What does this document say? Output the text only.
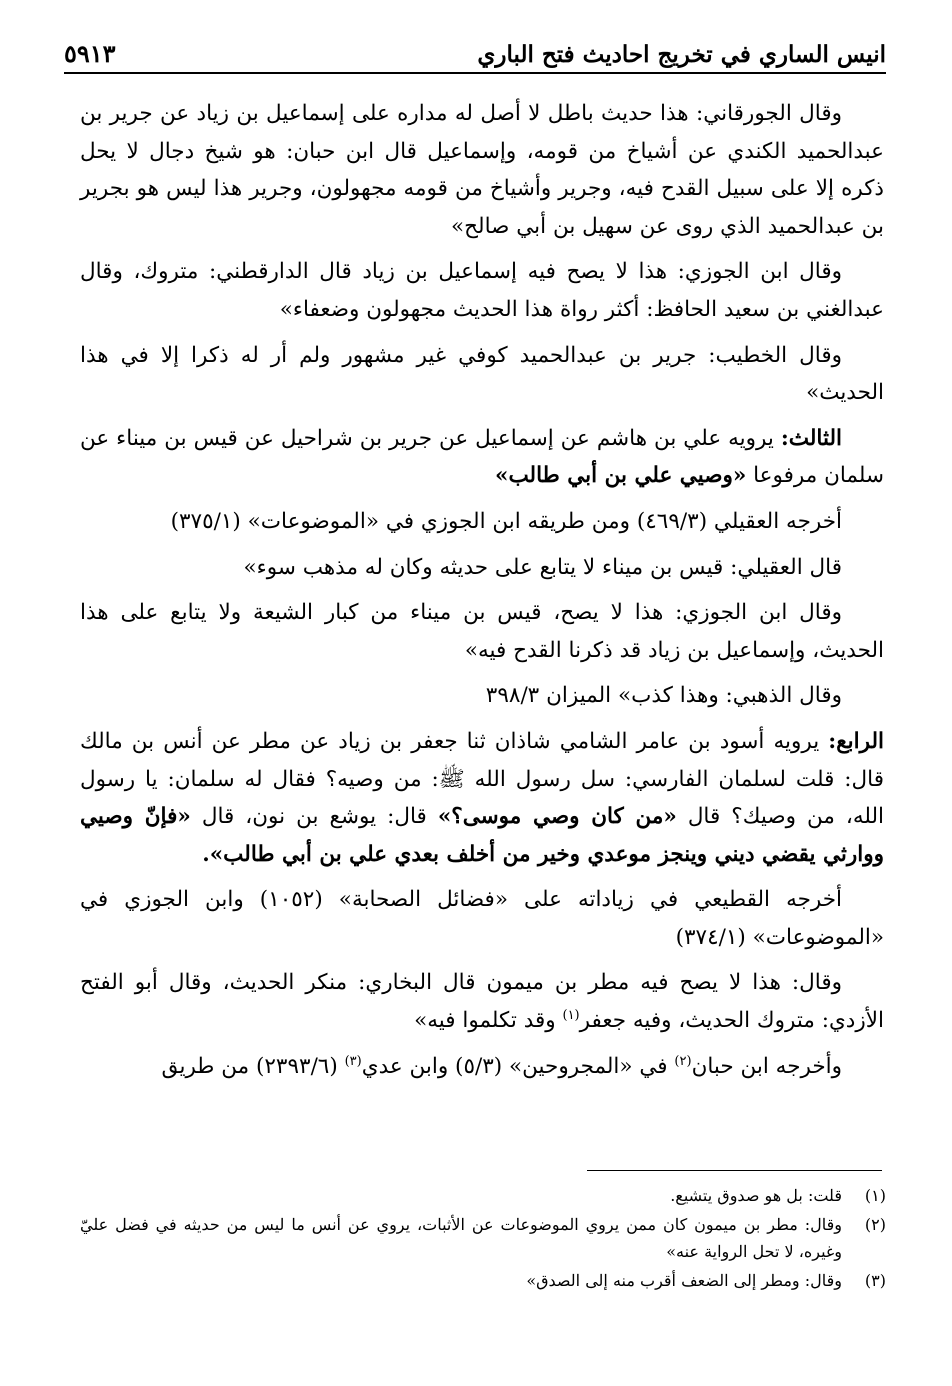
انيس الساري في تخريج احاديث فتح الباري
٥٩١٣

وقال الجورقاني: هذا حديث باطل لا أصل له مداره على إسماعيل بن زياد عن جرير بن عبدالحميد الكندي عن أشياخ من قومه، وإسماعيل قال ابن حبان: هو شيخ دجال لا يحل ذكره إلا على سبيل القدح فيه، وجرير وأشياخ من قومه مجهولون، وجرير هذا ليس هو بجرير بن عبدالحميد الذي روى عن سهيل بن أبي صالح»

وقال ابن الجوزي: هذا لا يصح فيه إسماعيل بن زياد قال الدارقطني: متروك، وقال عبدالغني بن سعيد الحافظ: أكثر رواة هذا الحديث مجهولون وضعفاء»

وقال الخطيب: جرير بن عبدالحميد كوفي غير مشهور ولم أر له ذكرا إلا في هذا الحديث»

الثالث: يرويه علي بن هاشم عن إسماعيل عن جرير بن شراحيل عن قيس بن ميناء عن سلمان مرفوعا «وصيي علي بن أبي طالب»

أخرجه العقيلي (٤٦٩/٣) ومن طريقه ابن الجوزي في «الموضوعات» (٣٧٥/١)

قال العقيلي: قيس بن ميناء لا يتابع على حديثه وكان له مذهب سوء»

وقال ابن الجوزي: هذا لا يصح، قيس بن ميناء من كبار الشيعة ولا يتابع على هذا الحديث، وإسماعيل بن زياد قد ذكرنا القدح فيه»

وقال الذهبي: وهذا كذب» الميزان ٣٩٨/٣

الرابع: يرويه أسود بن عامر الشامي شاذان ثنا جعفر بن زياد عن مطر عن أنس بن مالك قال: قلت لسلمان الفارسي: سل رسول الله ﷺ: من وصيه؟ فقال له سلمان: يا رسول الله، من وصيك؟ قال «من كان وصي موسى؟» قال: يوشع بن نون، قال «فإنّ وصيي ووارثي يقضي ديني وينجز موعدي وخير من أخلف بعدي علي بن أبي طالب».

أخرجه القطيعي في زياداته على «فضائل الصحابة» (١٠٥٢) وابن الجوزي في «الموضوعات» (٣٧٤/١)

وقال: هذا لا يصح فيه مطر بن ميمون قال البخاري: منكر الحديث، وقال أبو الفتح الأزدي: متروك الحديث، وفيه جعفر$^{(١)}$ وقد تكلموا فيه»

وأخرجه ابن حبان$^{(٢)}$ في «المجروحين» (٥/٣) وابن عدي$^{(٣)}$ (٢٣٩٣/٦) من طريق

(١)
قلت: بل هو صدوق يتشيع.
(٢)
وقال: مطر بن ميمون كان ممن يروي الموضوعات عن الأثبات، يروي عن أنس ما ليس من حديثه في فضل عليّ وغيره، لا تحل الرواية عنه»
(٣)
وقال: ومطر إلى الضعف أقرب منه إلى الصدق»
